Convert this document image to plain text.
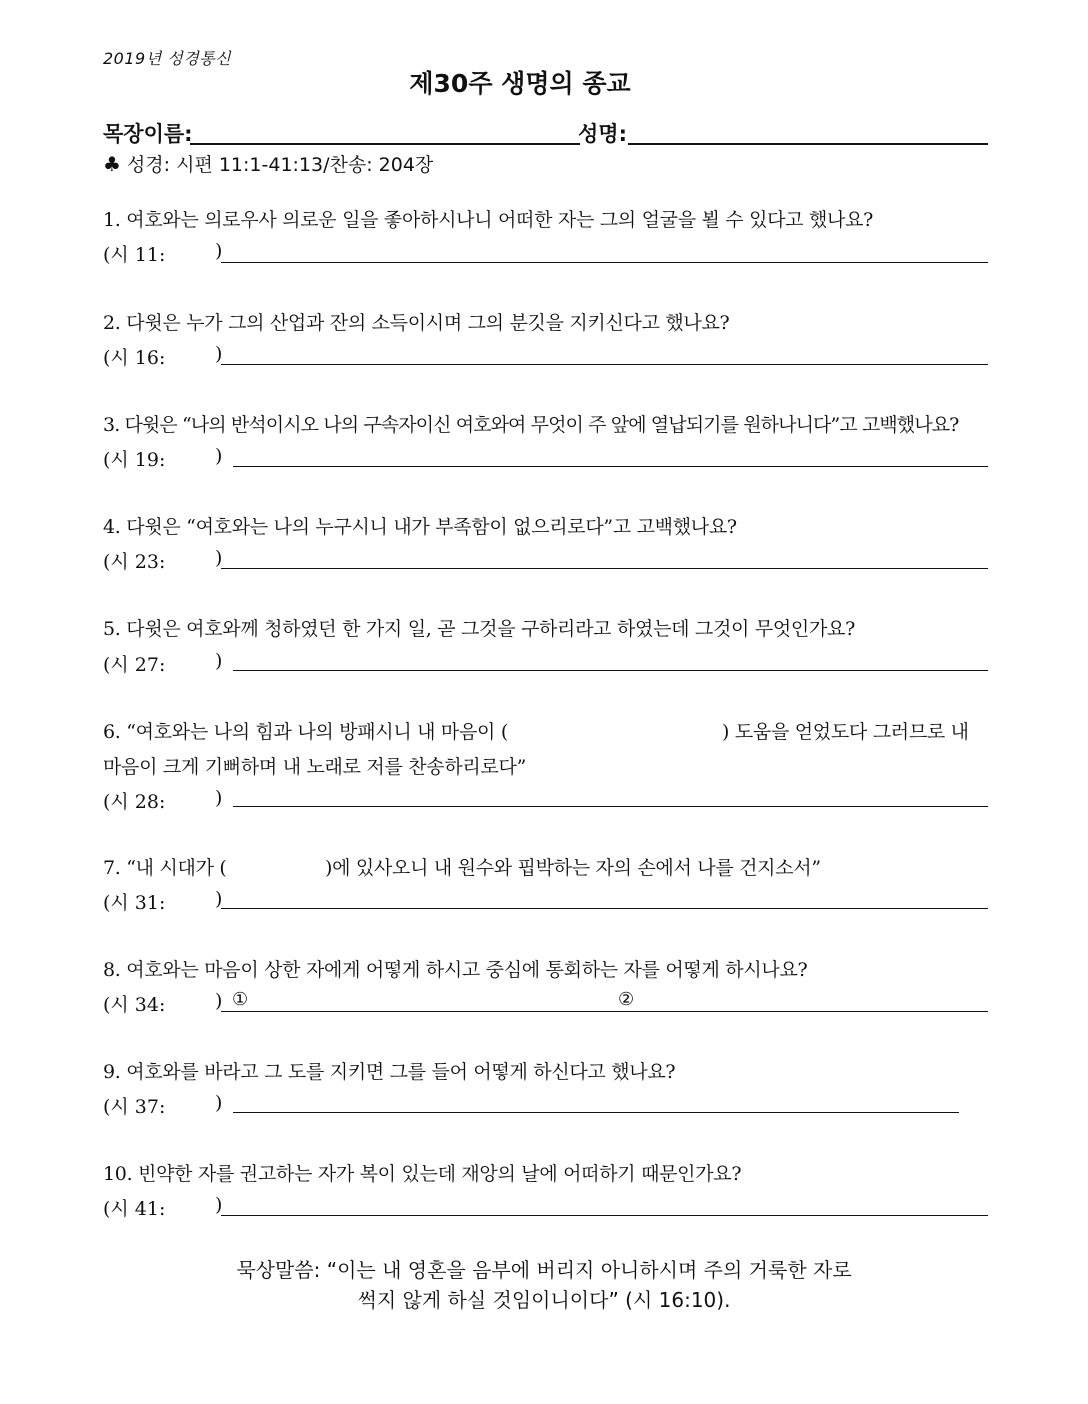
2019년 성경통신
제30주 생명의 종교
목장이름:	성명:
♣ 성경: 시편 11:1-41:13/찬송: 204장
1. 여호와는 의로우사 의로운 일을 좋아하시나니 어떠한 자는 그의 얼굴을 뵐 수 있다고 했나요?
(시 11:	)
2. 다윗은 누가 그의 산업과 잔의 소득이시며 그의 분깃을 지키신다고 했나요?
(시 16:	)
3. 다윗은 “나의 반석이시오 나의 구속자이신 여호와여 무엇이 주 앞에 열납되기를 원하나니다”고 고백했나요?
(시 19:	)
4. 다윗은 “여호와는 나의 누구시니 내가 부족함이 없으리로다”고 고백했나요?
(시 23:	)
5. 다윗은 여호와께 청하였던 한 가지 일, 곧 그것을 구하리라고 하였는데 그것이 무엇인가요?
(시 27:	)
6. “여호와는 나의 힘과 나의 방패시니 내 마음이 (	) 도움을 얻었도다 그러므로 내
마음이 크게 기뻐하며 내 노래로 저를 찬송하리로다”
(시 28:	)
7. “내 시대가 (	)에 있사오니 내 원수와 핍박하는 자의 손에서 나를 건지소서”
(시 31:	)
8. 여호와는 마음이 상한 자에게 어떻게 하시고 중심에 통회하는 자를 어떻게 하시나요?
(시 34:	) ①	②
9. 여호와를 바라고 그 도를 지키면 그를 들어 어떻게 하신다고 했나요?
(시 37:	)
10. 빈약한 자를 권고하는 자가 복이 있는데 재앙의 날에 어떠하기 때문인가요?
(시 41:	)
묵상말씀: “이는 내 영혼을 음부에 버리지 아니하시며 주의 거룩한 자로
썩지 않게 하실 것임이니이다” (시 16:10).
